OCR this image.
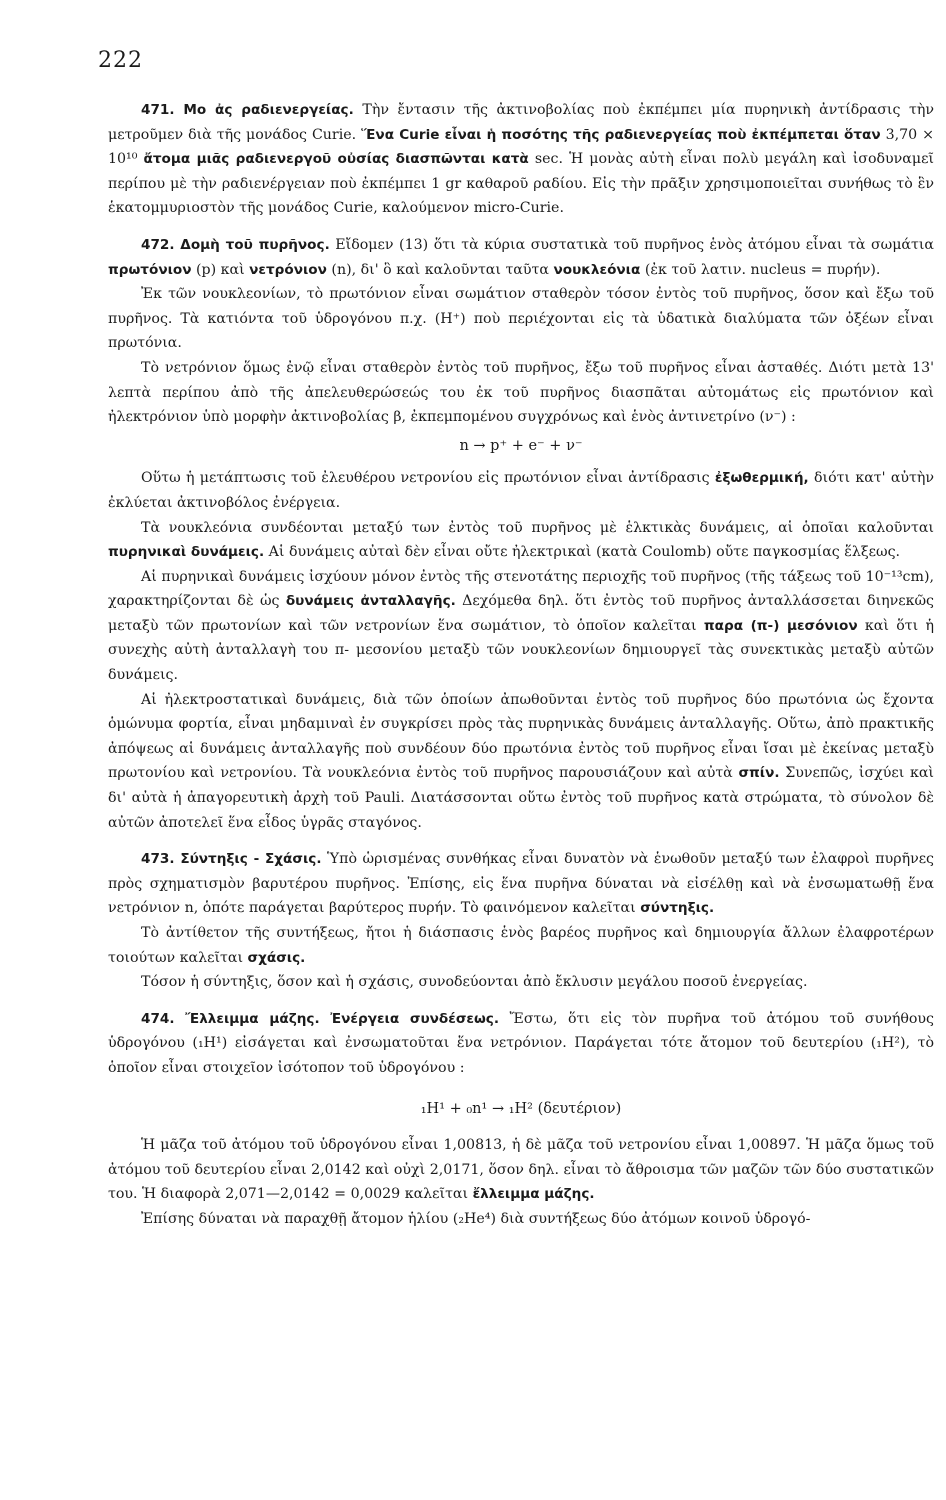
222

471. Μο ἀς ραδιενεργείας. Τὴν ἔντασιν τῆς ἀκτινοβολίας ποὺ ἐκπέμπει μία πυρηνικὴ ἀντίδρασις τὴν μετροῦμεν διὰ τῆς μονάδος Curie. Ἕνα Curie εἶναι ἡ ποσότης τῆς ραδιενεργείας ποὺ ἐκπέμπεται ὅταν 3,70 × 10¹⁰ ἄτομα μιᾶς ραδιενεργοῦ οὐσίας διασπῶνται κατὰ sec. Ἡ μονὰς αὐτὴ εἶναι πολὺ μεγάλη καὶ ἰσοδυναμεῖ περίπου μὲ τὴν ραδιενέργειαν ποὺ ἐκπέμπει 1 gr καθαροῦ ραδίου. Εἰς τὴν πρᾶξιν χρησιμοποιεῖται συνήθως τὸ ἓν ἑκατομμυριοστὸν τῆς μονάδος Curie, καλούμενον micro-Curie.

472. Δομὴ τοῦ πυρῆνος. Εἴδομεν (13) ὅτι τὰ κύρια συστατικὰ τοῦ πυρῆνος ἑνὸς ἀτόμου εἶναι τὰ σωμάτια πρωτόνιον (p) καὶ νετρόνιον (n), δι' ὃ καὶ καλοῦνται ταῦτα νουκλεόνια (ἐκ τοῦ λατιν. nucleus = πυρήν).

Ἐκ τῶν νουκλεονίων, τὸ πρωτόνιον εἶναι σωμάτιον σταθερὸν τόσον ἐντὸς τοῦ πυρῆνος, ὅσον καὶ ἔξω τοῦ πυρῆνος. Τὰ κατιόντα τοῦ ὑδρογόνου π.χ. (H⁺) ποὺ περιέχονται εἰς τὰ ὑδατικὰ διαλύματα τῶν ὀξέων εἶναι πρωτόνια.

Τὸ νετρόνιον ὅμως ἐνῷ εἶναι σταθερὸν ἐντὸς τοῦ πυρῆνος, ἔξω τοῦ πυρῆνος εἶναι ἀσταθές. Διότι μετὰ 13' λεπτὰ περίπου ἀπὸ τῆς ἀπελευθερώσεώς του ἐκ τοῦ πυρῆνος διασπᾶται αὐτομάτως εἰς πρωτόνιον καὶ ἠλεκτρόνιον ὑπὸ μορφὴν ἀκτινοβολίας β, ἐκπεμπομένου συγχρόνως καὶ ἑνὸς ἀντινετρίνο (ν⁻) :

n → p⁺ + e⁻ + ν⁻

Οὕτω ἡ μετάπτωσις τοῦ ἐλευθέρου νετρονίου εἰς πρωτόνιον εἶναι ἀντίδρασις ἐξωθερμική, διότι κατ' αὐτὴν ἐκλύεται ἀκτινοβόλος ἐνέργεια.

Τὰ νουκλεόνια συνδέονται μεταξύ των ἐντὸς τοῦ πυρῆνος μὲ ἑλκτικὰς δυνάμεις, αἱ ὁποῖαι καλοῦνται πυρηνικαὶ δυνάμεις. Αἱ δυνάμεις αὐταὶ δὲν εἶναι οὔτε ἠλεκτρικαὶ (κατὰ Coulomb) οὔτε παγκοσμίας ἕλξεως.

Αἱ πυρηνικαὶ δυνάμεις ἰσχύουν μόνον ἐντὸς τῆς στενοτάτης περιοχῆς τοῦ πυρῆνος (τῆς τάξεως τοῦ 10⁻¹³cm), χαρακτηρίζονται δὲ ὡς δυνάμεις ἀνταλλαγῆς. Δεχόμεθα δηλ. ὅτι ἐντὸς τοῦ πυρῆνος ἀνταλλάσσεται διηνεκῶς μεταξὺ τῶν πρωτονίων καὶ τῶν νετρονίων ἕνα σωμάτιον, τὸ ὁποῖον καλεῖται παρα (π-) μεσόνιον καὶ ὅτι ἡ συνεχὴς αὐτὴ ἀνταλλαγὴ του π- μεσονίου μεταξὺ τῶν νουκλεονίων δημιουργεῖ τὰς συνεκτικὰς μεταξὺ αὐτῶν δυνάμεις.

Αἱ ἠλεκτροστατικαὶ δυνάμεις, διὰ τῶν ὁποίων ἀπωθοῦνται ἐντὸς τοῦ πυρῆνος δύο πρωτόνια ὡς ἔχοντα ὁμώνυμα φορτία, εἶναι μηδαμιναὶ ἐν συγκρίσει πρὸς τὰς πυρηνικὰς δυνάμεις ἀνταλλαγῆς. Οὕτω, ἀπὸ πρακτικῆς ἀπόψεως αἱ δυνάμεις ἀνταλλαγῆς ποὺ συνδέουν δύο πρωτόνια ἐντὸς τοῦ πυρῆνος εἶναι ἴσαι μὲ ἐκείνας μεταξὺ πρωτονίου καὶ νετρονίου. Τὰ νουκλεόνια ἐντὸς τοῦ πυρῆνος παρουσιάζουν καὶ αὐτὰ σπίν. Συνεπῶς, ἰσχύει καὶ δι' αὐτὰ ἡ ἀπαγορευτικὴ ἀρχὴ τοῦ Pauli. Διατάσσονται οὕτω ἐντὸς τοῦ πυρῆνος κατὰ στρώματα, τὸ σύνολον δὲ αὐτῶν ἀποτελεῖ ἕνα εἶδος ὑγρᾶς σταγόνος.

473. Σύντηξις - Σχάσις. Ὑπὸ ὡρισμένας συνθήκας εἶναι δυνατὸν νὰ ἑνωθοῦν μεταξύ των ἐλαφροὶ πυρῆνες πρὸς σχηματισμὸν βαρυτέρου πυρῆνος. Ἐπίσης, εἰς ἕνα πυρῆνα δύναται νὰ εἰσέλθῃ καὶ νὰ ἐνσωματωθῇ ἕνα νετρόνιον n, ὁπότε παράγεται βαρύτερος πυρήν. Τὸ φαινόμενον καλεῖται σύντηξις.

Τὸ ἀντίθετον τῆς συντήξεως, ἤτοι ἡ διάσπασις ἑνὸς βαρέος πυρῆνος καὶ δημιουργία ἄλλων ἐλαφροτέρων τοιούτων καλεῖται σχάσις.

Τόσον ἡ σύντηξις, ὅσον καὶ ἡ σχάσις, συνοδεύονται ἀπὸ ἔκλυσιν μεγάλου ποσοῦ ἐνεργείας.

474. Ἔλλειμμα μάζης. Ἐνέργεια συνδέσεως. Ἔστω, ὅτι εἰς τὸν πυρῆνα τοῦ ἀτόμου τοῦ συνήθους ὑδρογόνου (₁H¹) εἰσάγεται καὶ ἐνσωματοῦται ἕνα νετρόνιον. Παράγεται τότε ἄτομον τοῦ δευτερίου (₁H²), τὸ ὁποῖον εἶναι στοιχεῖον ἰσότοπον τοῦ ὑδρογόνου :

₁H¹ + ₀n¹ → ₁H² (δευτέριον)

Ἡ μᾶζα τοῦ ἀτόμου τοῦ ὑδρογόνου εἶναι 1,00813, ἡ δὲ μᾶζα τοῦ νετρονίου εἶναι 1,00897. Ἡ μᾶζα ὅμως τοῦ ἀτόμου τοῦ δευτερίου εἶναι 2,0142 καὶ οὐχὶ 2,0171, ὅσον δηλ. εἶναι τὸ ἄθροισμα τῶν μαζῶν τῶν δύο συστατικῶν του. Ἡ διαφορὰ 2,071—2,0142 = 0,0029 καλεῖται ἔλλειμμα μάζης.

Ἐπίσης δύναται νὰ παραχθῇ ἄτομον ἡλίου (₂He⁴) διὰ συντήξεως δύο ἀτόμων κοινοῦ ὑδρογό-
